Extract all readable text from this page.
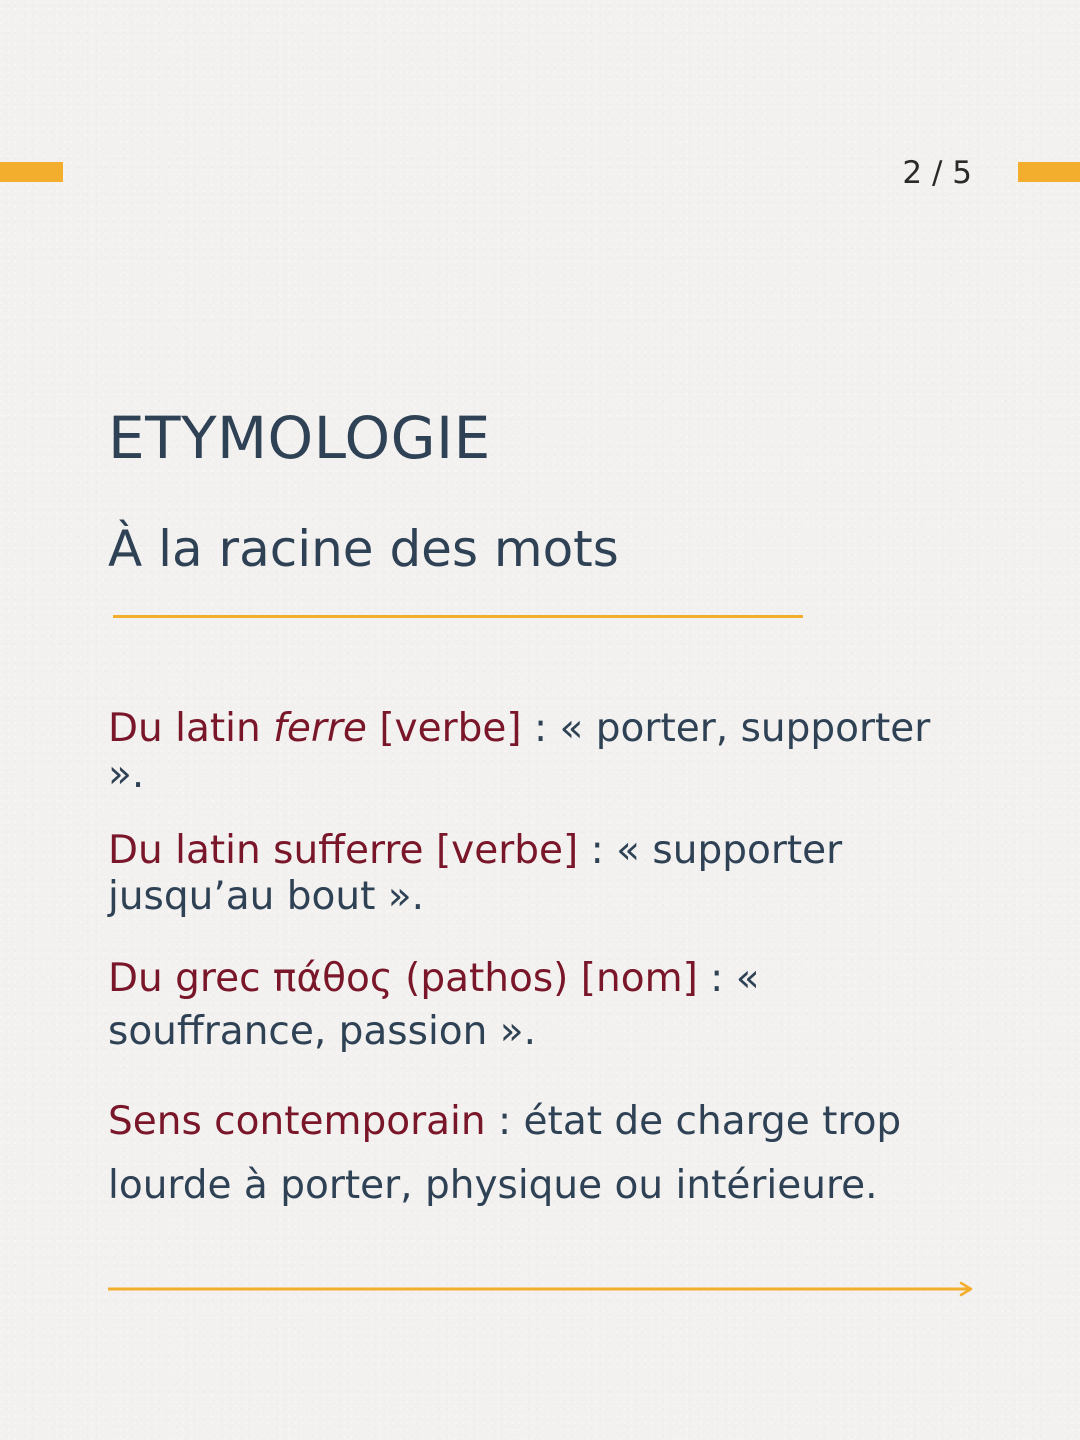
2 / 5
ETYMOLOGIE
À la racine des mots

Du latin ferre [verbe] : « porter, supporter ».

Du latin sufferre [verbe] : « supporter jusqu’au bout ».

Du grec πάθος (pathos) [nom] : « souffrance, passion ».

Sens contemporain : état de charge trop lourde à porter, physique ou intérieure.
